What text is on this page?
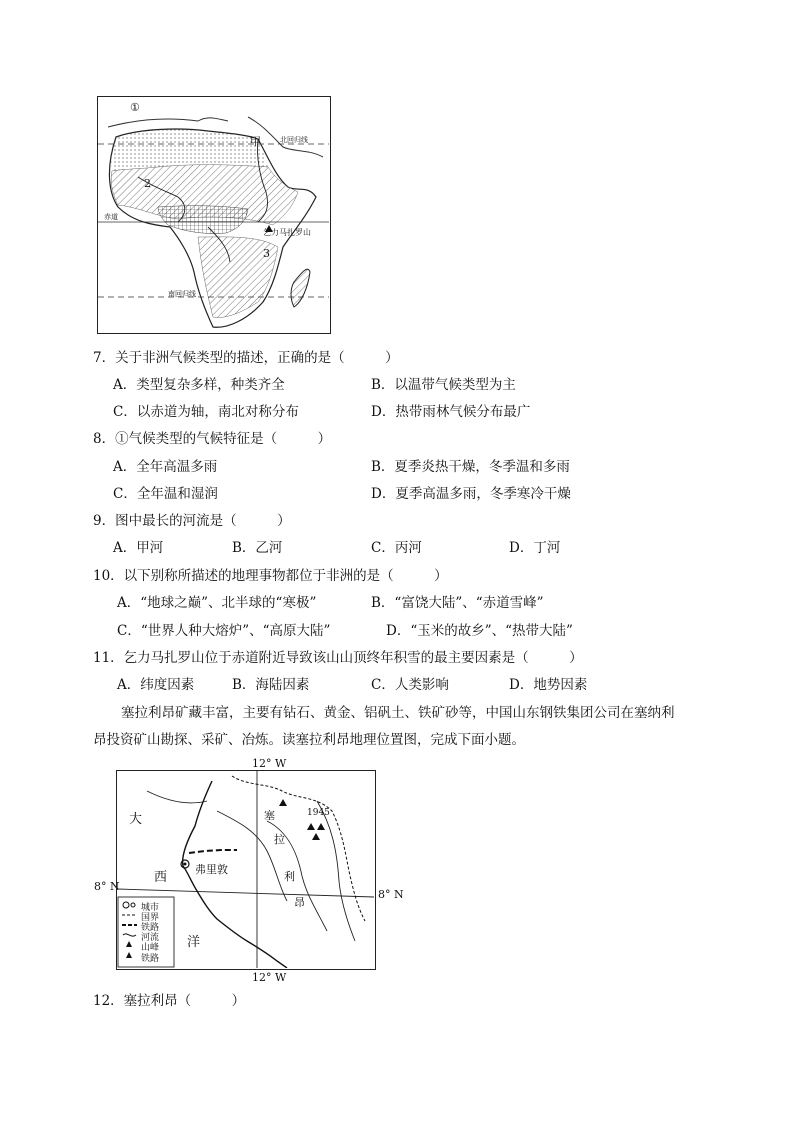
①
2
3
甲	北回归线
赤道
南回归线
乞力马扎罗山
7．关于非洲气候类型的描述，正确的是（　　　）
A．类型复杂多样，种类齐全	B．以温带气候类型为主
C．以赤道为轴，南北对称分布	D．热带雨林气候分布最广
8．①气候类型的气候特征是（　　　）
A．全年高温多雨	B．夏季炎热干燥，冬季温和多雨
C．全年温和湿润	D．夏季高温多雨，冬季寒冷干燥
9．图中最长的河流是（　　　）
A．甲河	B．乙河	C．丙河	D．丁河
10．以下别称所描述的地理事物都位于非洲的是（　　　）
A．“地球之巅”、北半球的“寒极”	B．“富饶大陆”、“赤道雪峰”
C．“世界人种大熔炉”、“高原大陆”	D．“玉米的故乡”、“热带大陆”
11．乞力马扎罗山位于赤道附近导致该山山顶终年积雪的最主要因素是（　　　）
A．纬度因素	B．海陆因素	C．人类影响	D．地势因素
塞拉利昂矿藏丰富，主要有钻石、黄金、铝矾土、铁矿砂等，中国山东钢铁集团公司在塞纳利
昂投资矿山勘探、采矿、冶炼。读塞拉利昂地理位置图，完成下面小题。
12° W
12° W
8° N
8° N
大
西
洋
塞
拉
利
昂
弗里敦
1945
城市
国界
铁路
河流
山峰
铁路
12．塞拉利昂（　　　）
